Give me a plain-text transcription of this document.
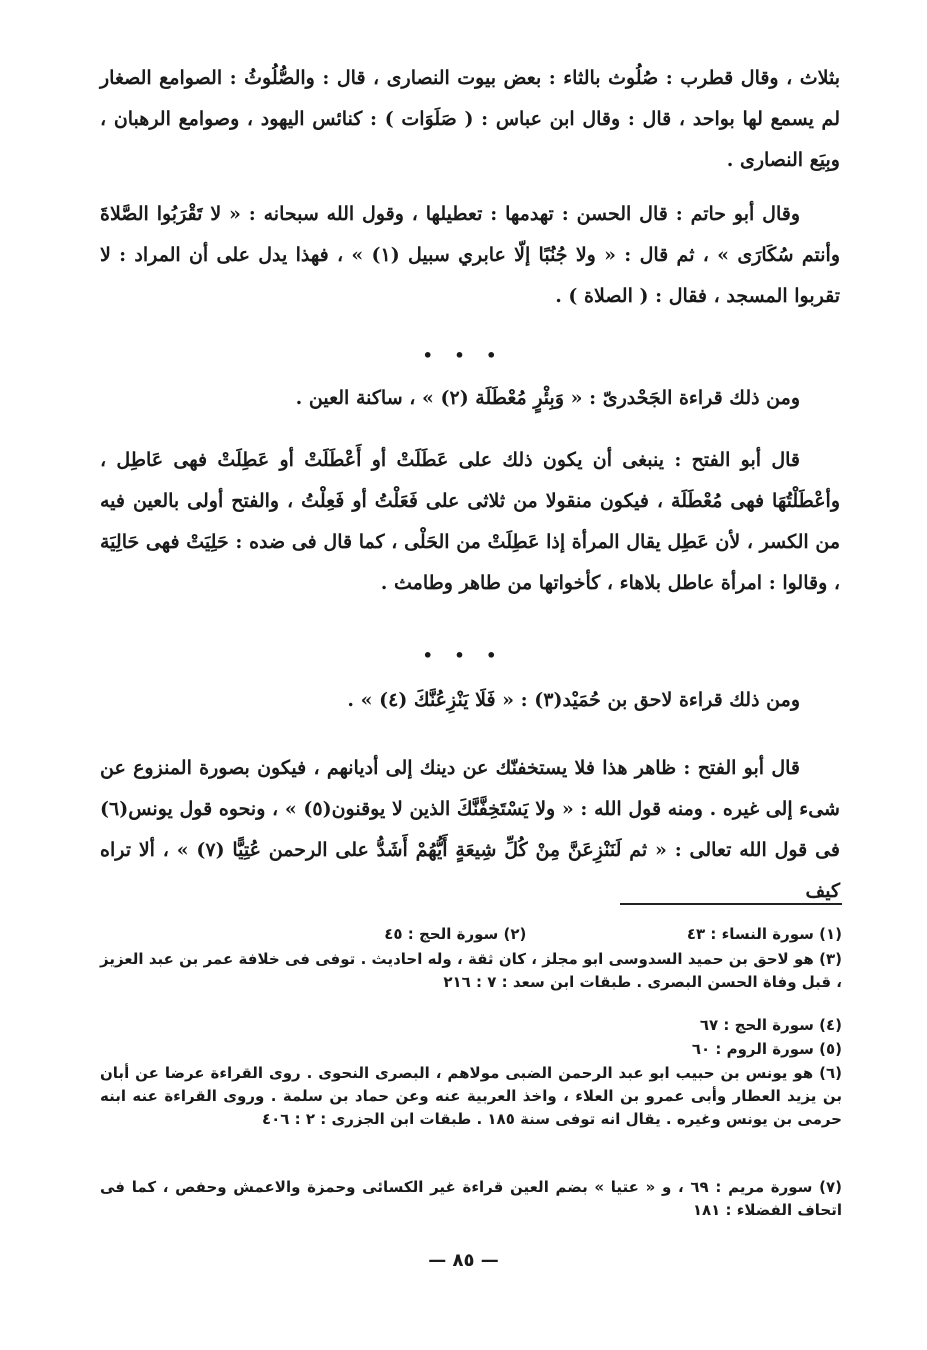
بثلاث ، وقال قطرب : صُلُوث بالثاء : بعض بيوت النصارى ، قال : والصُّلُوثُ : الصوامع الصغار لم يسمع لها بواحد ، قال : وقال ابن عباس : ( صَلَوَات ) : كنائس اليهود ، وصوامع الرهبان ، وبِيَع النصارى .

وقال أبو حاتم : قال الحسن : تهدمها : تعطيلها ، وقول الله سبحانه : « لا تَقْرَبُوا الصَّلاةَ وأنتم سُكَارَى » ، ثم قال : « ولا جُنُبًا إلّا عابري سبيل (١) » ، فهذا يدل على أن المراد : لا تقربوا المسجد ، فقال : ( الصلاة ) .

• • •

ومن ذلك قراءة الجَحْدرىّ : « وَبِئْرٍ مُعْطَلَة (٢) » ، ساكنة العين .

قال أبو الفتح : ينبغى أن يكون ذلك على عَطَلَتْ أو أَعْطَلَتْ أو عَطِلَتْ فهى عَاطِل ، وأعْطَلْتُهَا فهى مُعْطَلَة ، فيكون منقولا من ثلاثى على فَعَلْتُ أو فَعِلْتُ ، والفتح أولى بالعين فيه من الكسر ، لأن عَطِل يقال المرأة إذا عَطِلَتْ من الحَلْى ، كما قال فى ضده : حَلِيَتْ فهى حَالِيَة ، وقالوا : امرأة عاطل بلاهاء ، كأخواتها من طاهر وطامث .

• • •

ومن ذلك قراءة لاحق بن حُمَيْد(٣) : « فَلَا يَنْزِعُنَّكَ (٤) » .

قال أبو الفتح : ظاهر هذا فلا يستخفنّك عن دينك إلى أديانهم ، فيكون بصورة المنزوع عن شىء إلى غيره . ومنه قول الله : « ولا يَسْتَخِفَّنَّكَ الذين لا يوقنون(٥) » ، ونحوه قول يونس(٦) فى قول الله تعالى : « ثم لَنَنْزِعَنَّ مِنْ كُلِّ شِيعَةٍ أَيُّهُمْ أَشَدُّ على الرحمن عُتِيًّا (٧) » ، ألا تراه كيف

(١) سورة النساء : ٤٣  (٢) سورة الحج : ٤٥
(٣) هو لاحق بن حميد السدوسى ابو مجلز ، كان ثقة ، وله احاديث . توفى فى خلافة عمر بن عبد العزيز ، قبل وفاة الحسن البصرى . طبقات ابن سعد : ٧ : ٢١٦
(٤) سورة الحج : ٦٧
(٥) سورة الروم : ٦٠
(٦) هو يونس بن حبيب ابو عبد الرحمن الضبى مولاهم ، البصرى النحوى . روى القراءة عرضا عن أبان بن يزيد العطار وأبى عمرو بن العلاء ، واخذ العربية عنه وعن حماد بن سلمة . وروى القراءة عنه ابنه حرمى بن يونس وغيره . يقال انه توفى سنة ١٨٥ . طبقات ابن الجزرى : ٢ : ٤٠٦
(٧) سورة مريم : ٦٩ ، و « عتيا » بضم العين قراءة غير الكسائى وحمزة والاعمش وحفص ، كما فى اتحاف الفضلاء : ١٨١
— ٨٥ —
